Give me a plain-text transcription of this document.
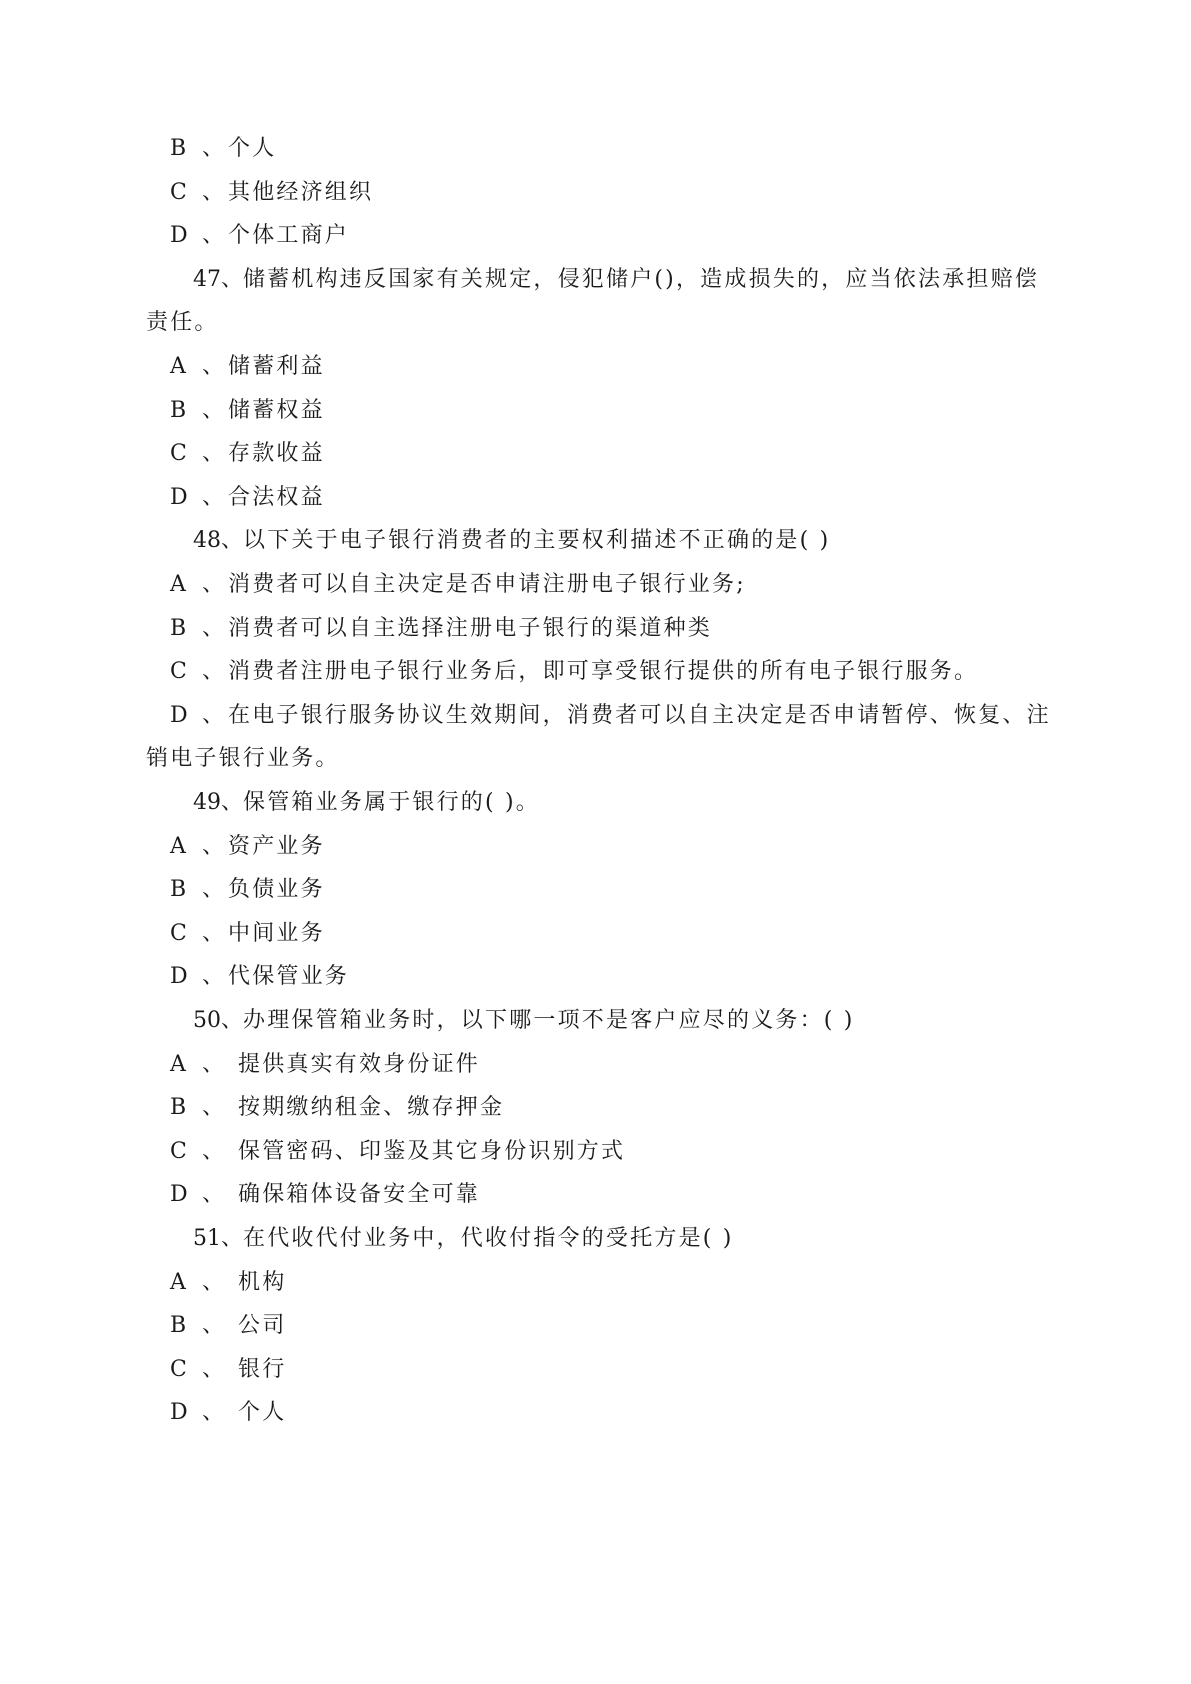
B 、 个人
C 、 其他经济组织
D 、 个体工商户
47、储蓄机构违反国家有关规定，侵犯储户()，造成损失的，应当依法承担赔偿
责任。
A 、 储蓄利益
B 、 储蓄权益
C 、 存款收益
D 、 合法权益
48、以下关于电子银行消费者的主要权利描述不正确的是( )
A 、 消费者可以自主决定是否申请注册电子银行业务;
B 、 消费者可以自主选择注册电子银行的渠道种类
C 、 消费者注册电子银行业务后，即可享受银行提供的所有电子银行服务。
D 、 在电子银行服务协议生效期间，消费者可以自主决定是否申请暂停、恢复、注
销电子银行业务。
49、保管箱业务属于银行的( )。
A 、 资产业务
B 、 负债业务
C 、 中间业务
D 、 代保管业务
50、办理保管箱业务时，以下哪一项不是客户应尽的义务：( )
A 、 提供真实有效身份证件
B 、 按期缴纳租金、缴存押金
C 、 保管密码、印鉴及其它身份识别方式
D 、 确保箱体设备安全可靠
51、在代收代付业务中，代收付指令的受托方是( )
A 、 机构
B 、 公司
C 、 银行
D 、 个人
